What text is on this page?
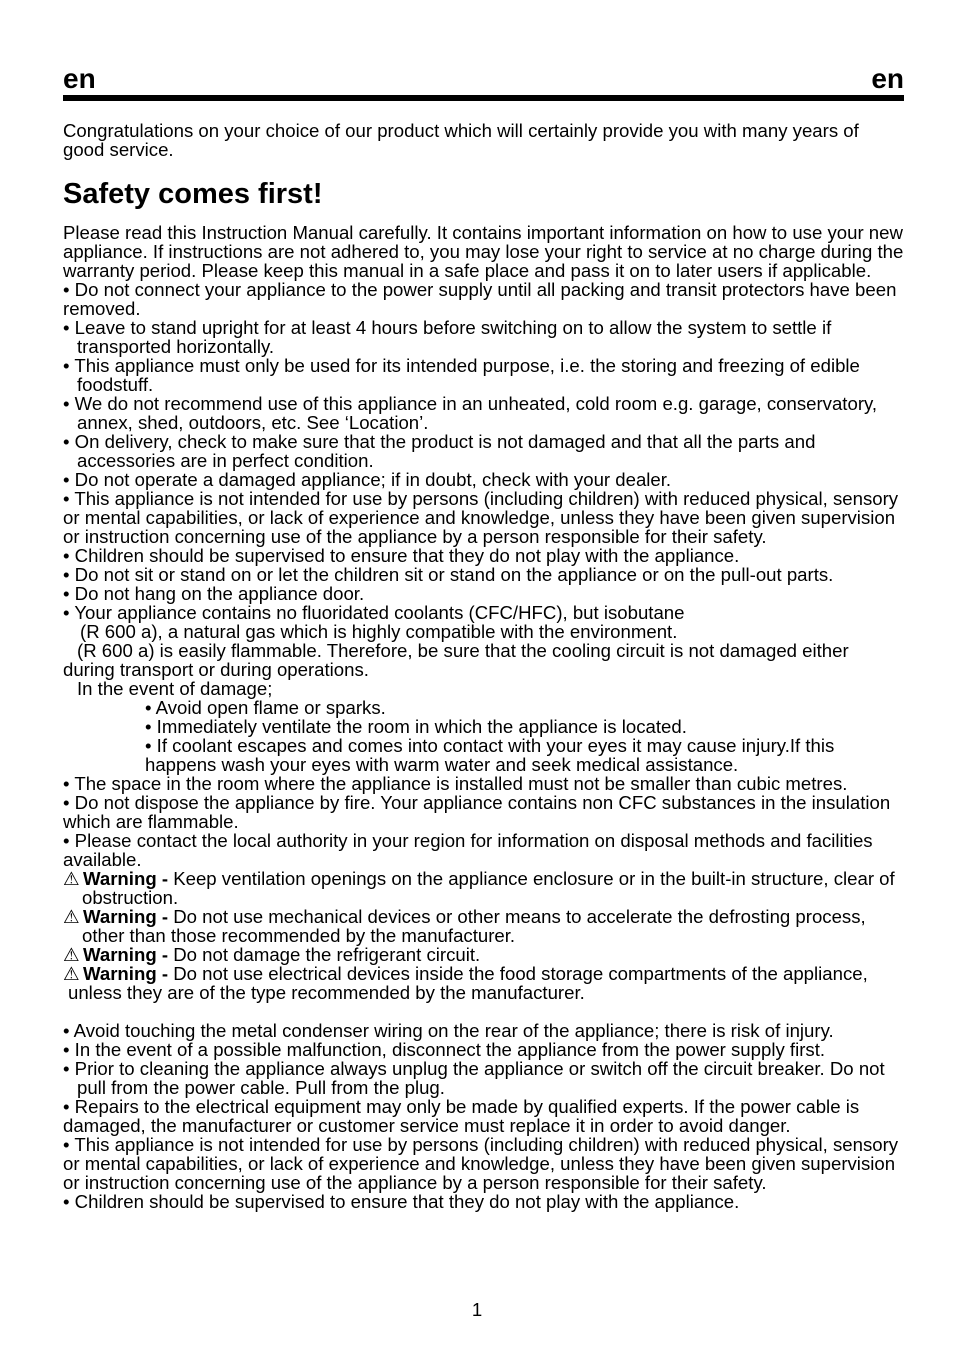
en	en
Congratulations on your choice of our product which will certainly provide you with many years of good service.
Safety comes first!

Please read this Instruction Manual carefully. It contains important information on how to use your new appliance. If instructions are not adhered to, you may lose your right to service at no charge during the warranty period. Please keep this manual in a safe place and pass it on to later users if applicable.

• Do not connect your appliance to the power supply until all packing and transit protectors have been removed.

• Leave to stand upright for at least 4 hours before switching on to allow the system to settle if transported horizontally.

• This appliance must only be used for its intended purpose, i.e. the storing and freezing of edible foodstuff.

• We do not recommend use of this appliance in an unheated, cold room e.g. garage, conservatory, annex, shed, outdoors, etc. See ‘Location’.

• On delivery, check to make sure that the product is not damaged and that all the parts and accessories are in perfect condition.

• Do not operate a damaged appliance; if in doubt, check with your dealer.

• This appliance is not intended for use by persons (including children) with reduced physical, sensory or mental capabilities, or lack of experience and knowledge, unless they have been given supervision or instruction concerning use of the appliance by a person responsible for their safety.

• Children should be supervised to ensure that they do not play with the appliance.

• Do not sit or stand on or let the children sit or stand on the appliance or on the pull-out parts.

• Do not hang on the appliance door.

• Your appliance contains no fluoridated coolants (CFC/HFC), but isobutane

(R 600 a), a natural gas which is highly compatible with the environment.

(R 600 a) is easily flammable. Therefore, be sure that the cooling circuit is not damaged either during transport or during operations.

In the event of damage;

• Avoid open flame or sparks.

• Immediately ventilate the room in which the appliance is located.

• If coolant escapes and comes into contact with your eyes it may cause injury.If this happens wash your eyes with warm water and seek medical assistance.

• The space in the room where the appliance is installed must not be smaller than cubic metres.

• Do not dispose the appliance by fire. Your appliance contains non CFC substances in the insulation which are flammable.

• Please contact the local authority in your region for information on disposal methods and facilities available.

⚠ Warning - Keep ventilation openings on the appliance enclosure or in the built-in structure, clear of obstruction.

⚠ Warning - Do not use mechanical devices or other means to accelerate the defrosting process, other than those recommended by the manufacturer.

⚠ Warning - Do not damage the refrigerant circuit.

⚠ Warning - Do not use electrical devices inside the food storage compartments of the appliance, unless they are of the type recommended by the manufacturer.

• Avoid touching the metal condenser wiring on the rear of the appliance; there is risk of injury.

• In the event of a possible malfunction, disconnect the appliance from the power supply first.

• Prior to cleaning the appliance always unplug the appliance or switch off the circuit breaker. Do not pull from the power cable. Pull from the plug.

• Repairs to the electrical equipment may only be made by qualified experts. If the power cable is damaged, the manufacturer or customer service must replace it in order to avoid danger.

• This appliance is not intended for use by persons (including children) with reduced physical, sensory or mental capabilities, or lack of experience and knowledge, unless they have been given supervision or instruction concerning use of the appliance by a person responsible for their safety.

• Children should be supervised to ensure that they do not play with the appliance.

1
